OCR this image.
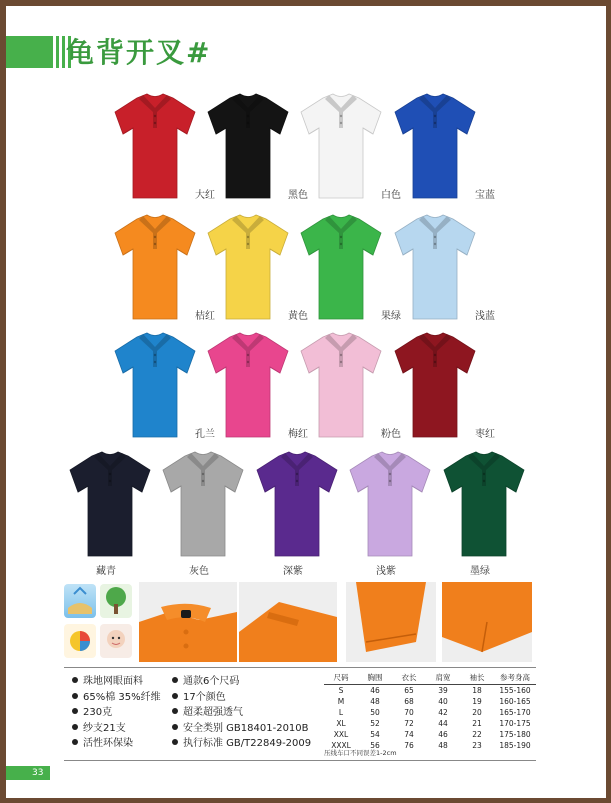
龟背开叉#
大红	黑色	白色	宝蓝
桔红	黄色	果绿	浅蓝
孔兰	梅红	粉色	枣红
藏青	灰色	深紫	浅紫	墨绿
珠地网眼面料
65%棉 35%纤维
230克
纱支21支
活性环保染
通款6个尺码
17个颜色
超柔超强透气
安全类别 GB18401-2010B
执行标准 GB/T22849-2009
尺码	胸围	衣长	肩宽	袖长	参考身高
S	46	65	39	18	155-160
M	48	68	40	19	160-165
L	50	70	42	20	165-170
XL	52	72	44	21	170-175
XXL	54	74	46	22	175-180
XXXL	56	76	48	23	185-190
压线车口不同误差1-2cm
33
